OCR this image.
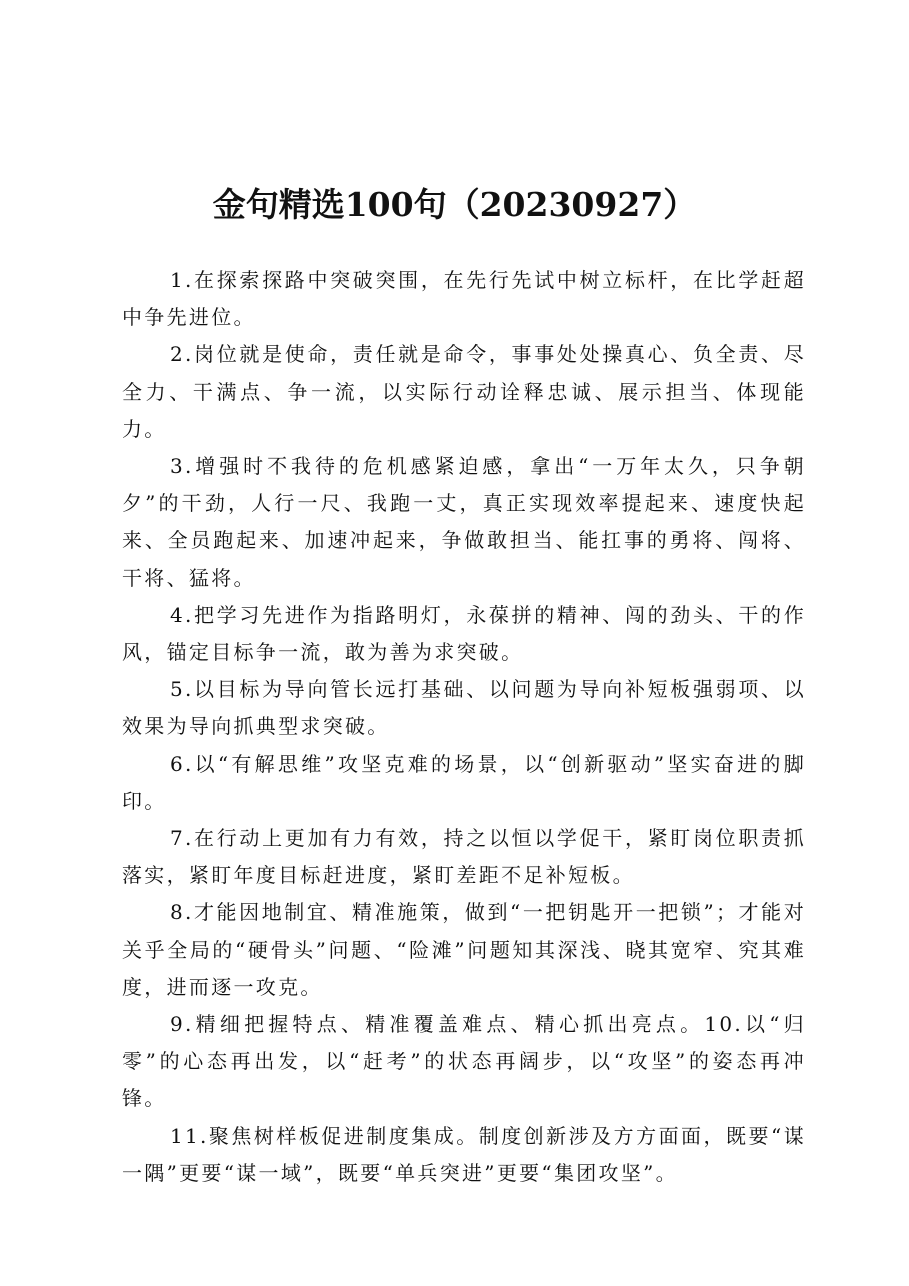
金句精选100句（20230927）

1.在探索探路中突破突围，在先行先试中树立标杆，在比学赶超中争先进位。

2.岗位就是使命，责任就是命令，事事处处操真心、负全责、尽全力、干满点、争一流，以实际行动诠释忠诚、展示担当、体现能力。

3.增强时不我待的危机感紧迫感，拿出“一万年太久，只争朝夕”的干劲，人行一尺、我跑一丈，真正实现效率提起来、速度快起来、全员跑起来、加速冲起来，争做敢担当、能扛事的勇将、闯将、干将、猛将。

4.把学习先进作为指路明灯，永葆拼的精神、闯的劲头、干的作风，锚定目标争一流，敢为善为求突破。

5.以目标为导向管长远打基础、以问题为导向补短板强弱项、以效果为导向抓典型求突破。

6.以“有解思维”攻坚克难的场景，以“创新驱动”坚实奋进的脚印。

7.在行动上更加有力有效，持之以恒以学促干，紧盯岗位职责抓落实，紧盯年度目标赶进度，紧盯差距不足补短板。

8.才能因地制宜、精准施策，做到“一把钥匙开一把锁”；才能对关乎全局的“硬骨头”问题、“险滩”问题知其深浅、晓其宽窄、究其难度，进而逐一攻克。

9.精细把握特点、精准覆盖难点、精心抓出亮点。10.以“归零”的心态再出发，以“赶考”的状态再阔步，以“攻坚”的姿态再冲锋。

11.聚焦树样板促进制度集成。制度创新涉及方方面面，既要“谋一隅”更要“谋一域”，既要“单兵突进”更要“集团攻坚”。
